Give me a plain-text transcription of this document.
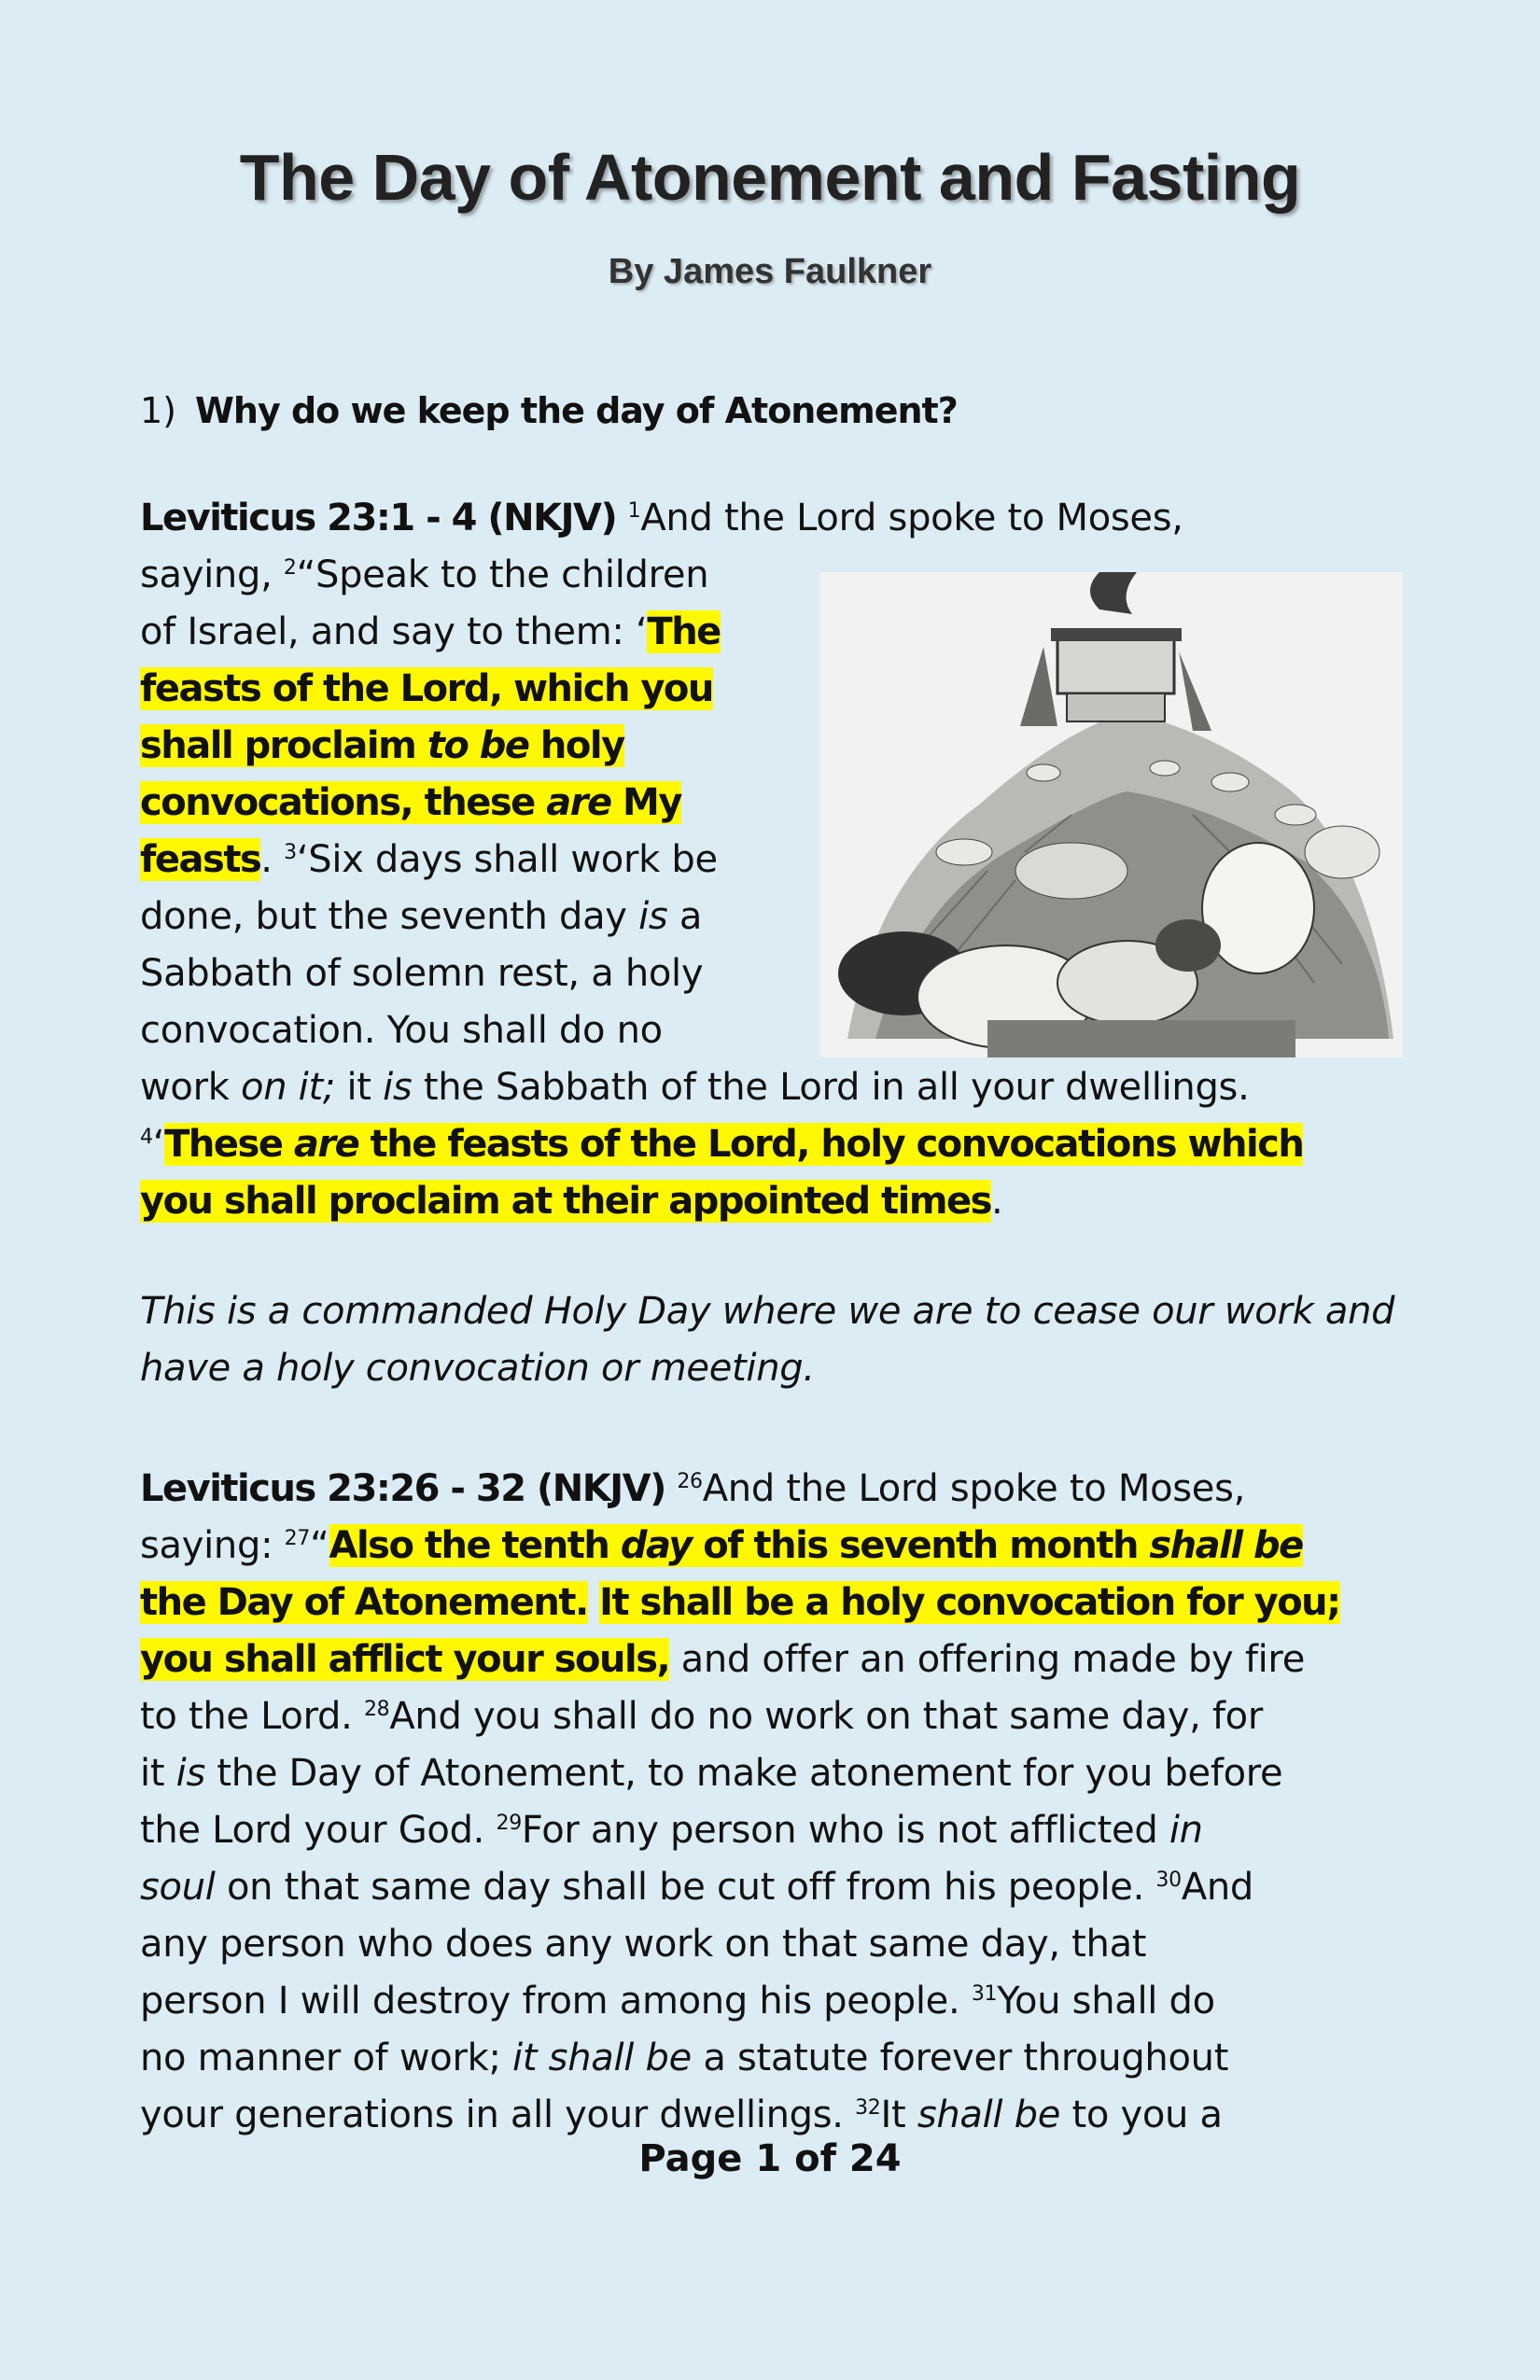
The Day of Atonement and Fasting
By James Faulkner
1) Why do we keep the day of Atonement?
Leviticus 23:1 - 4 (NKJV) $^1$And the Lord spoke to Moses,
saying, $^2$“Speak to the children
of Israel, and say to them: ‘The
feasts of the Lord, which you
shall proclaim to be holy
convocations, these are My
feasts. $^3$‘Six days shall work be
done, but the seventh day is a
Sabbath of solemn rest, a holy
convocation. You shall do no
work on it; it is the Sabbath of the Lord in all your dwellings.
$^4$‘These are the feasts of the Lord, holy convocations which
you shall proclaim at their appointed times.
This is a commanded Holy Day where we are to cease our work and have a holy convocation or meeting.
Leviticus 23:26 - 32 (NKJV) $^{26}$And the Lord spoke to Moses,
saying: $^{27}$“Also the tenth day of this seventh month shall be
the Day of Atonement. It shall be a holy convocation for you;
you shall afflict your souls, and offer an offering made by fire
to the Lord. $^{28}$And you shall do no work on that same day, for
it is the Day of Atonement, to make atonement for you before
the Lord your God. $^{29}$For any person who is not afflicted in
soul on that same day shall be cut off from his people. $^{30}$And
any person who does any work on that same day, that
person I will destroy from among his people. $^{31}$You shall do
no manner of work; it shall be a statute forever throughout
your generations in all your dwellings. $^{32}$It shall be to you a
Page 1 of 24
